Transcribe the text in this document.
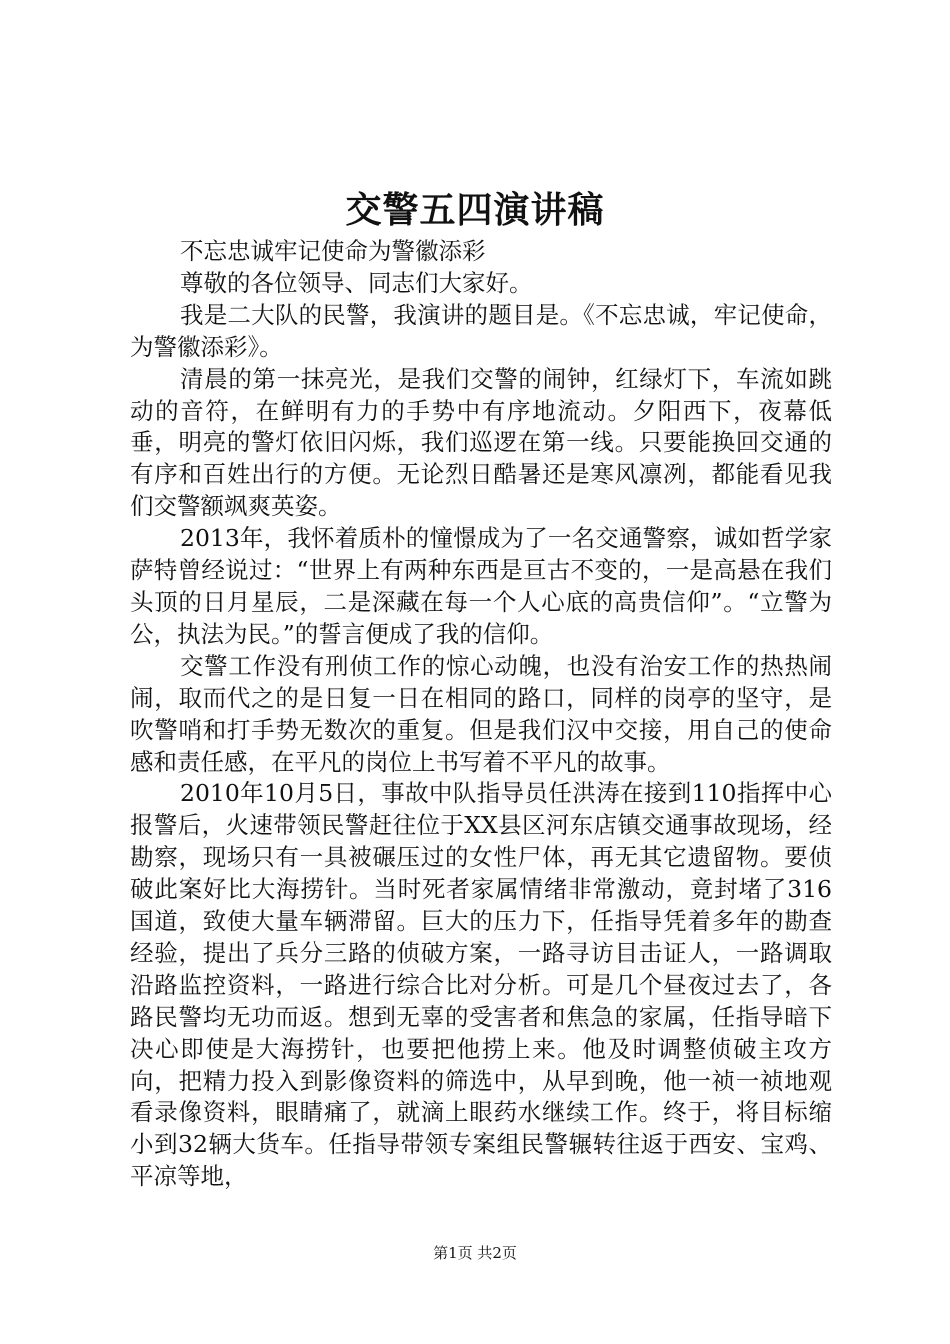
交警五四演讲稿

不忘忠诚牢记使命为警徽添彩

尊敬的各位领导、同志们大家好。

我是二大队的民警，我演讲的题目是。《不忘忠诚，牢记使命，为警徽添彩》。

清晨的第一抹亮光，是我们交警的闹钟，红绿灯下，车流如跳动的音符，在鲜明有力的手势中有序地流动。夕阳西下，夜幕低垂，明亮的警灯依旧闪烁，我们巡逻在第一线。只要能换回交通的有序和百姓出行的方便。无论烈日酷暑还是寒风凛冽，都能看见我们交警额飒爽英姿。

2013年，我怀着质朴的憧憬成为了一名交通警察，诚如哲学家萨特曾经说过：“世界上有两种东西是亘古不变的，一是高悬在我们头顶的日月星辰，二是深藏在每一个人心底的高贵信仰”。“立警为公，执法为民。”的誓言便成了我的信仰。

交警工作没有刑侦工作的惊心动魄，也没有治安工作的热热闹闹，取而代之的是日复一日在相同的路口，同样的岗亭的坚守，是吹警哨和打手势无数次的重复。但是我们汉中交接，用自己的使命感和责任感，在平凡的岗位上书写着不平凡的故事。

2010年10月5日，事故中队指导员任洪涛在接到110指挥中心报警后，火速带领民警赶往位于XX县区河东店镇交通事故现场，经勘察，现场只有一具被碾压过的女性尸体，再无其它遗留物。要侦破此案好比大海捞针。当时死者家属情绪非常激动，竟封堵了316国道，致使大量车辆滞留。巨大的压力下，任指导凭着多年的勘查经验，提出了兵分三路的侦破方案，一路寻访目击证人，一路调取沿路监控资料，一路进行综合比对分析。可是几个昼夜过去了，各路民警均无功而返。想到无辜的受害者和焦急的家属，任指导暗下决心即使是大海捞针，也要把他捞上来。他及时调整侦破主攻方向，把精力投入到影像资料的筛选中，从早到晚，他一祯一祯地观看录像资料，眼睛痛了，就滴上眼药水继续工作。终于，将目标缩小到32辆大货车。任指导带领专案组民警辗转往返于西安、宝鸡、平凉等地，

第1页 共2页
